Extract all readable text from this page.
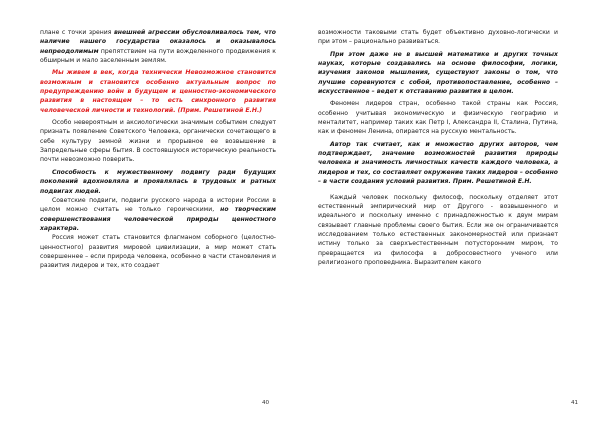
плане с точки зрения внешней агрессии обусловливалось тем, что наличие нашего государства оказалось и оказывалось непреодолимым препятствием на пути вожделенного продвижения к обширным и мало заселенным землям.

Мы живем в век, когда технически Невозможное становится возможным и становится особенно актуальным вопрос по предупреждению войн в будущем и ценностно-экономического развития в настоящем – то есть синхронного развития человеческой личности и технологий. (Прим. Решетиной Е.Н.)

Особо невероятным и аксиологически значимым событием следует признать появление Советского Человека, органически сочетающего в себе культуру земной жизни и прорывное ее возвышение в Запредельные сферы бытия. В состоявшуюся историческую реальность почти невозможно поверить.

Способность к мужественному подвигу ради будущих поколений вдохновляла и проявлялась в трудовых и ратных подвигах людей.

Советские подвиги, подвиги русского народа в истории России в целом можно считать не только героическими, но творческим совершенствования человеческой природы ценностного характера.

Россия может стать становится флагманом соборного (целостно-ценностного) развития мировой цивилизации, а мир может стать совершеннее – если природа человека, особенно в части становления и развития лидеров и тех, кто создает

40

возможности таковыми стать будет объективно духовно-логически и при этом – рационально развиваться.

При этом даже не в высшей математике и других точных науках, которые создавались на основе философии, логики, изучения законов мышления, существуют законы о том, что лучшие соревнуются с собой, противопоставление, особенно – искусственное – ведет к отставанию развития в целом.

Феномен лидеров стран, особенно такой страны как Россия, особенно учитывая экономическую и физическую географию и менталитет, например таких как Петр I, Александра II, Сталина, Путина, как и феномен Ленина, опирается на русскую ментальность.

Автор так считает, как и множество других авторов, чем подтверждает, значение возможностей развития природы человека и значимость личностных качеств каждого человека, а лидеров и тех, со составляет окружение таких лидеров – особенно – в части создания условий развития. Прим. Решетиной Е.Н.

Каждый человек поскольку философ, поскольку отделяет этот естественный эмпирический мир от Другого - возвышенного и идеального и поскольку именно с принадлежностью к двум мирам связывает главные проблемы своего бытия. Если же он ограничивается исследованием только естественных закономерностей или признает истину только за сверхъестественным потусторонним миром, то превращается из философа в добросовестного ученого или религиозного проповедника. Выразителем какого

41
